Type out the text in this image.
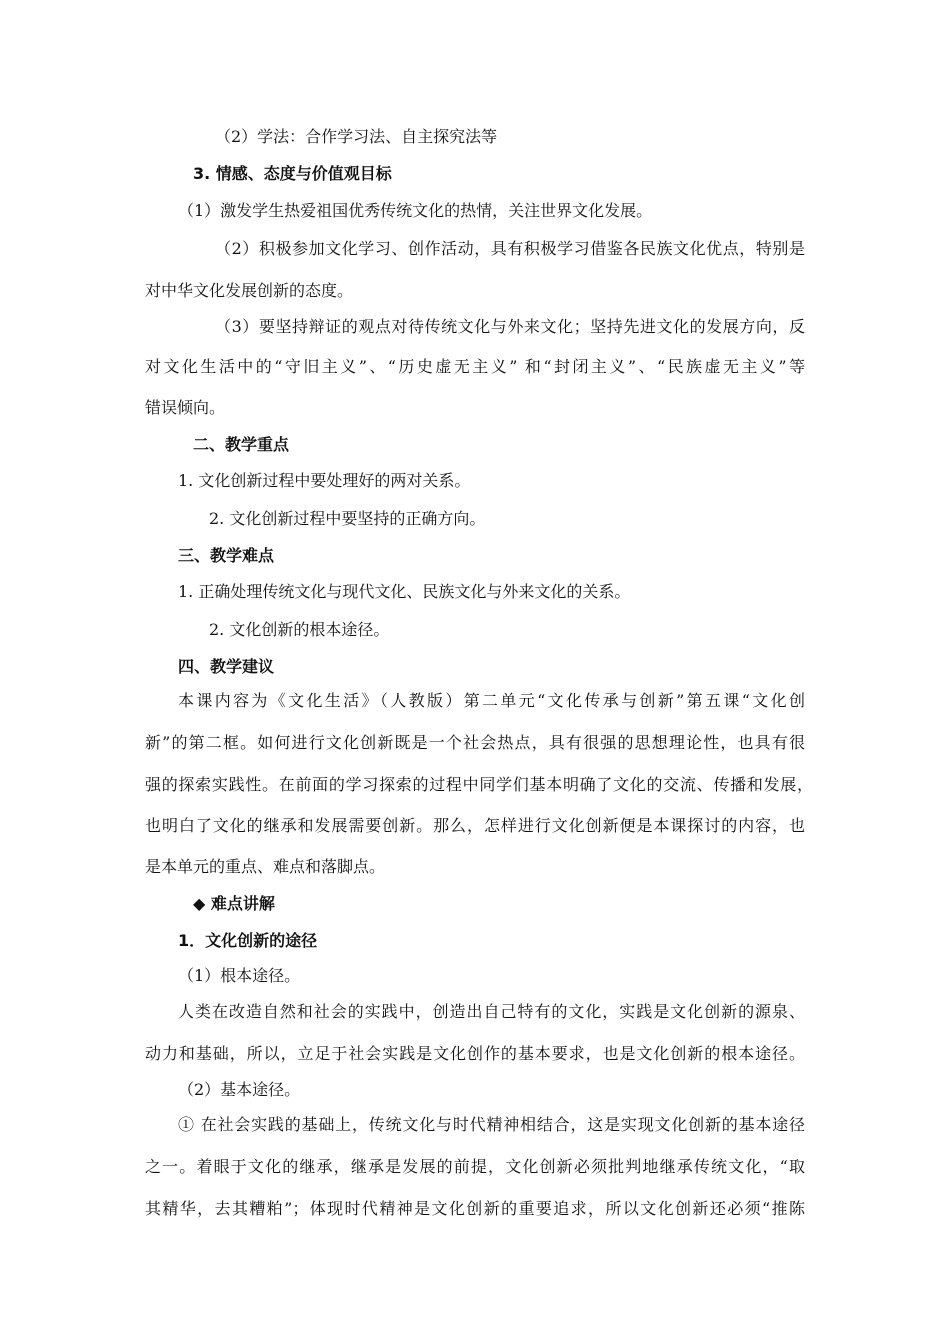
（2）学法：合作学习法、自主探究法等

3. 情感、态度与价值观目标

（1）激发学生热爱祖国优秀传统文化的热情，关注世界文化发展。

（2）积极参加文化学习、创作活动，具有积极学习借鉴各民族文化优点，特别是

对中华文化发展创新的态度。

（3）要坚持辩证的观点对待传统文化与外来文化；坚持先进文化的发展方向，反

对文化生活中的“守旧主义”、“历史虚无主义” 和“封闭主义”、“民族虚无主义”等

错误倾向。

二、教学重点

1. 文化创新过程中要处理好的两对关系。

2. 文化创新过程中要坚持的正确方向。

三、教学难点

1. 正确处理传统文化与现代文化、民族文化与外来文化的关系。

2. 文化创新的根本途径。

四、教学建议

本课内容为《文化生活》（人教版）第二单元“文化传承与创新”第五课“文化创

新”的第二框。如何进行文化创新既是一个社会热点，具有很强的思想理论性，也具有很

强的探索实践性。在前面的学习探索的过程中同学们基本明确了文化的交流、传播和发展，

也明白了文化的继承和发展需要创新。那么，怎样进行文化创新便是本课探讨的内容，也

是本单元的重点、难点和落脚点。

◆ 难点讲解

1．文化创新的途径

（1）根本途径。

人类在改造自然和社会的实践中，创造出自己特有的文化，实践是文化创新的源泉、

动力和基础，所以，立足于社会实践是文化创作的基本要求，也是文化创新的根本途径。

（2）基本途径。

① 在社会实践的基础上，传统文化与时代精神相结合，这是实现文化创新的基本途径

之一。着眼于文化的继承，继承是发展的前提，文化创新必须批判地继承传统文化，“取

其精华，去其糟粕”；体现时代精神是文化创新的重要追求，所以文化创新还必须“推陈
